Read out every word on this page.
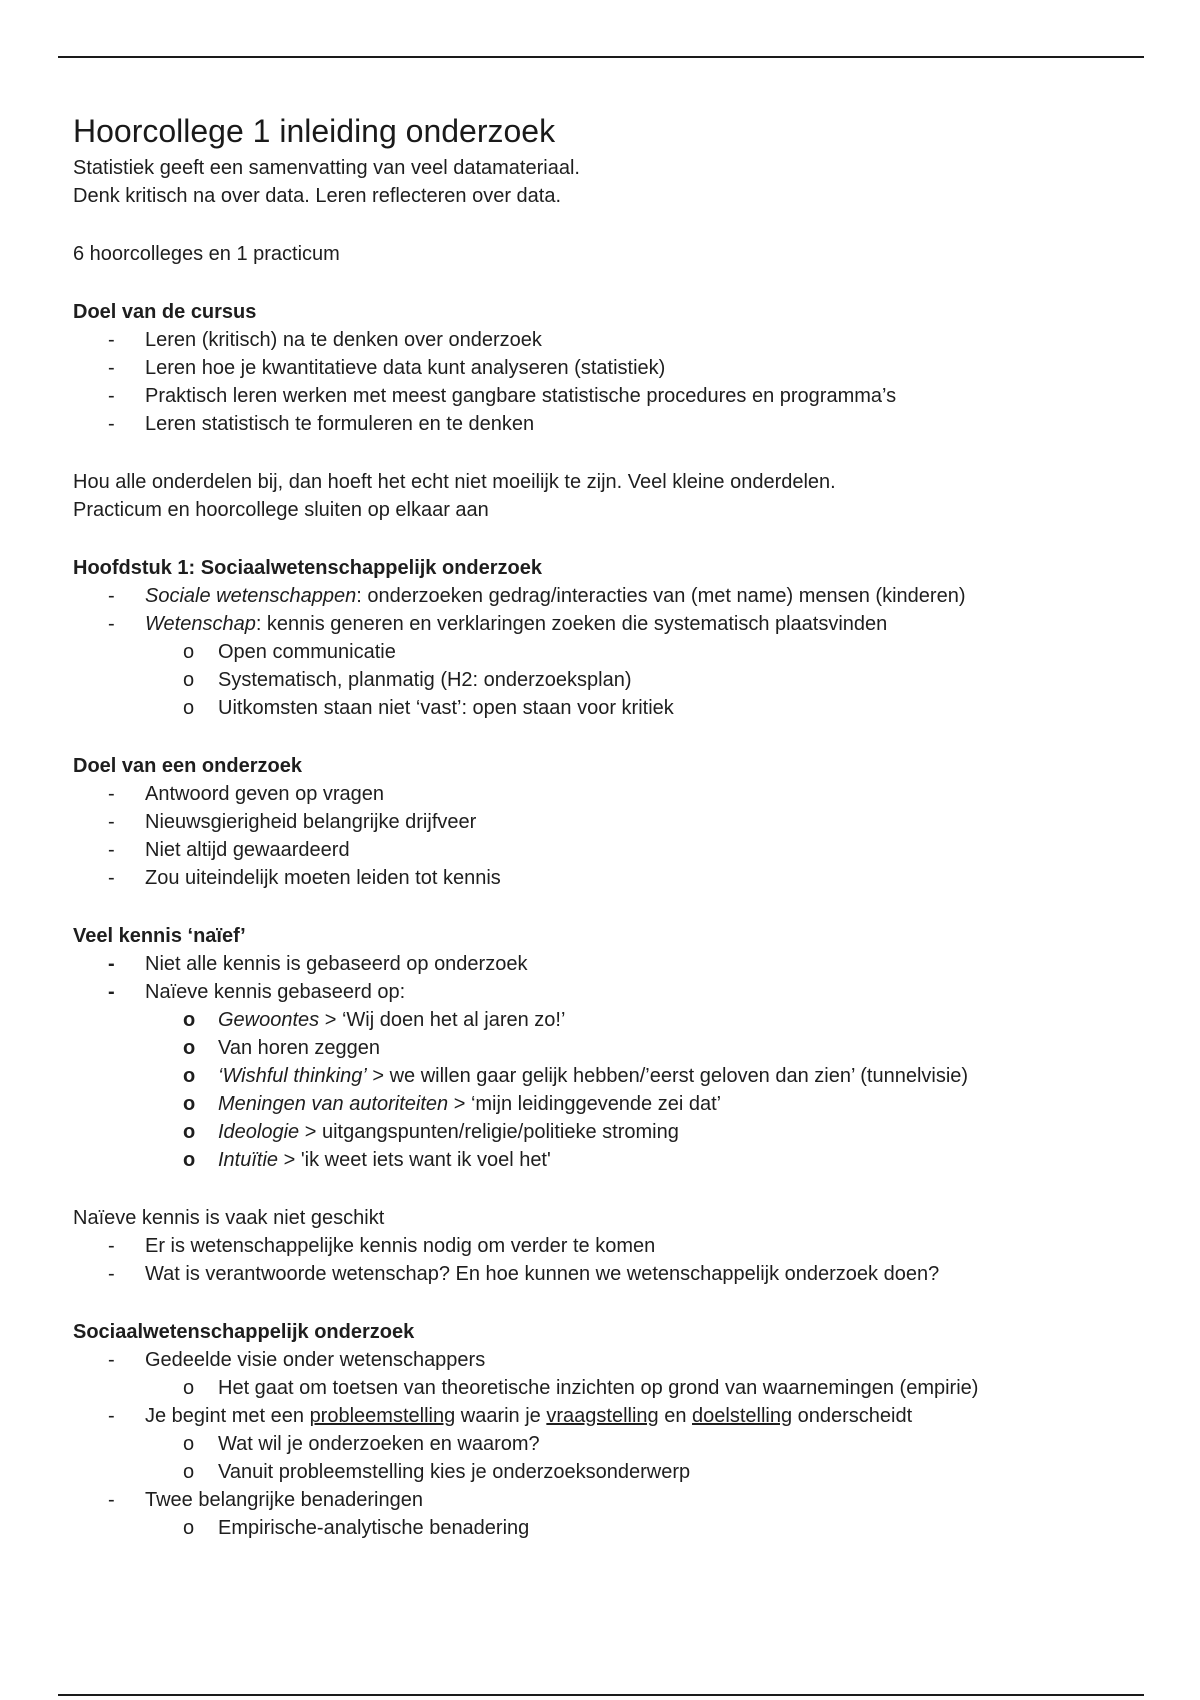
Hoorcollege 1 inleiding onderzoek

Statistiek geeft een samenvatting van veel datamateriaal.

Denk kritisch na over data. Leren reflecteren over data.

6 hoorcolleges en 1 practicum

Doel van de cursus

- Leren (kritisch) na te denken over onderzoek
- Leren hoe je kwantitatieve data kunt analyseren (statistiek)
- Praktisch leren werken met meest gangbare statistische procedures en programma’s
- Leren statistisch te formuleren en te denken

Hou alle onderdelen bij, dan hoeft het echt niet moeilijk te zijn. Veel kleine onderdelen.

Practicum en hoorcollege sluiten op elkaar aan

Hoofdstuk 1: Sociaalwetenschappelijk onderzoek

- Sociale wetenschappen: onderzoeken gedrag/interacties van (met name) mensen (kinderen)
- Wetenschap: kennis generen en verklaringen zoeken die systematisch plaatsvinden
o Open communicatie
o Systematisch, planmatig (H2: onderzoeksplan)
o Uitkomsten staan niet ‘vast’: open staan voor kritiek

Doel van een onderzoek

- Antwoord geven op vragen
- Nieuwsgierigheid belangrijke drijfveer
- Niet altijd gewaardeerd
- Zou uiteindelijk moeten leiden tot kennis

Veel kennis ‘naïef’

- Niet alle kennis is gebaseerd op onderzoek
- Naïeve kennis gebaseerd op:
o Gewoontes > ‘Wij doen het al jaren zo!’
o Van horen zeggen
o ‘Wishful thinking’ > we willen gaar gelijk hebben/’eerst geloven dan zien’ (tunnelvisie)
o Meningen van autoriteiten > ‘mijn leidinggevende zei dat’
o Ideologie > uitgangspunten/religie/politieke stroming
o Intuïtie > 'ik weet iets want ik voel het'

Naïeve kennis is vaak niet geschikt

- Er is wetenschappelijke kennis nodig om verder te komen
- Wat is verantwoorde wetenschap? En hoe kunnen we wetenschappelijk onderzoek doen?

Sociaalwetenschappelijk onderzoek

- Gedeelde visie onder wetenschappers
o Het gaat om toetsen van theoretische inzichten op grond van waarnemingen (empirie)
- Je begint met een probleemstelling waarin je vraagstelling en doelstelling onderscheidt
o Wat wil je onderzoeken en waarom?
o Vanuit probleemstelling kies je onderzoeksonderwerp
- Twee belangrijke benaderingen
o Empirische-analytische benadering
